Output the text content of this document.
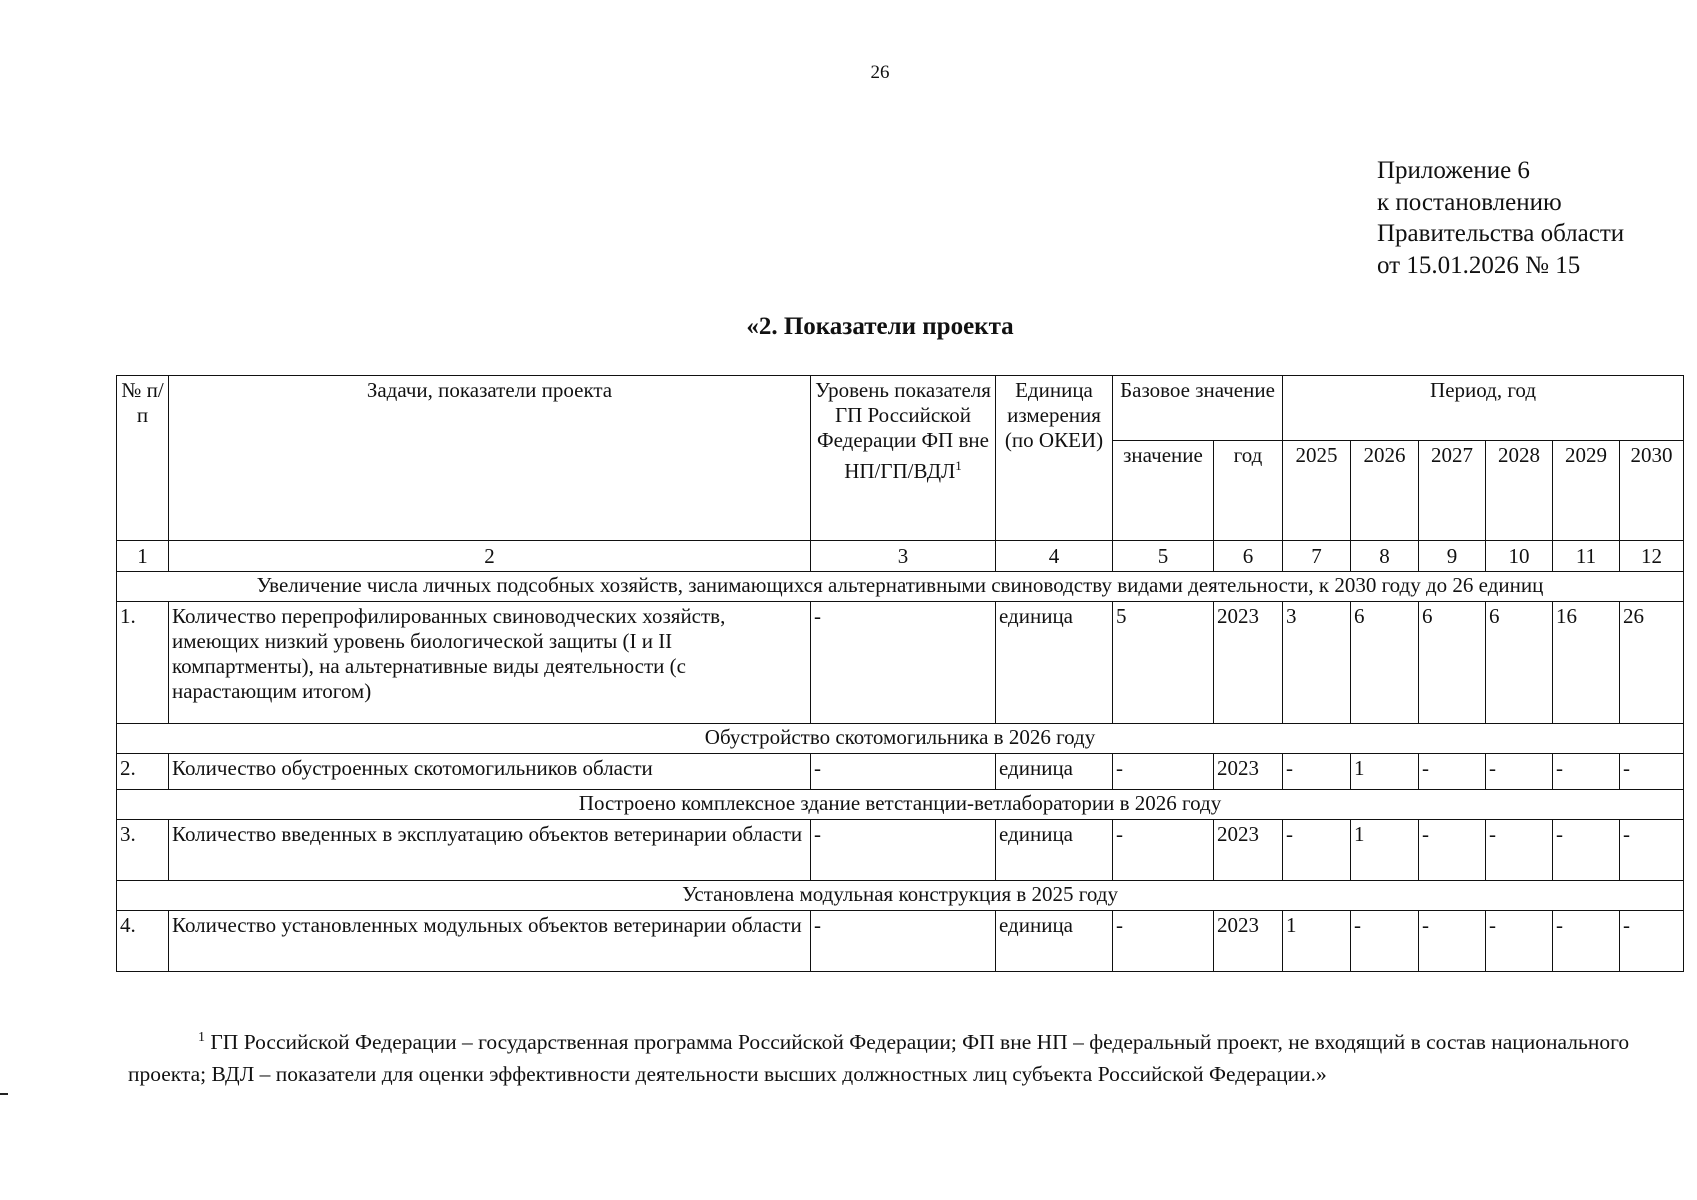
26
Приложение 6
к постановлению
Правительства области
от 15.01.2026 № 15
«2. Показатели проекта
№ п/п	Задачи, показатели проекта	Уровень показателя ГП Российской Федерации ФП вне НП/ГП/ВДЛ$^1$	Единица измерения (по ОКЕИ)	Базовое значение		Период, год					
				значение	год	2025	2026	2027	2028	2029	2030
1	2	3	4	5	6	7	8	9	10	11	12
Увеличение числа личных подсобных хозяйств, занимающихся альтернативными свиноводству видами деятельности, к 2030 году до 26 единиц											
1.	Количество перепрофилированных свиноводческих хозяйств, имеющих низкий уровень биологической защиты (I и II компартменты), на альтернативные виды деятельности (с нарастающим итогом)	-	единица	5	2023	3	6	6	6	16	26
Обустройство скотомогильника в 2026 году											
2.	Количество обустроенных скотомогильников области	-	единица	-	2023	-	1	-	-	-	-
Построено комплексное здание ветстанции-ветлаборатории в 2026 году											
3.	Количество введенных в эксплуатацию объектов ветеринарии области	-	единица	-	2023	-	1	-	-	-	-
Установлена модульная конструкция в 2025 году											
4.	Количество установленных модульных объектов ветеринарии области	-	единица	-	2023	1	-	-	-	-	-

$^1$ ГП Российской Федерации – государственная программа Российской Федерации; ФП вне НП – федеральный проект, не входящий в состав национального проекта; ВДЛ – показатели для оценки эффективности деятельности высших должностных лиц субъекта Российской Федерации.»
